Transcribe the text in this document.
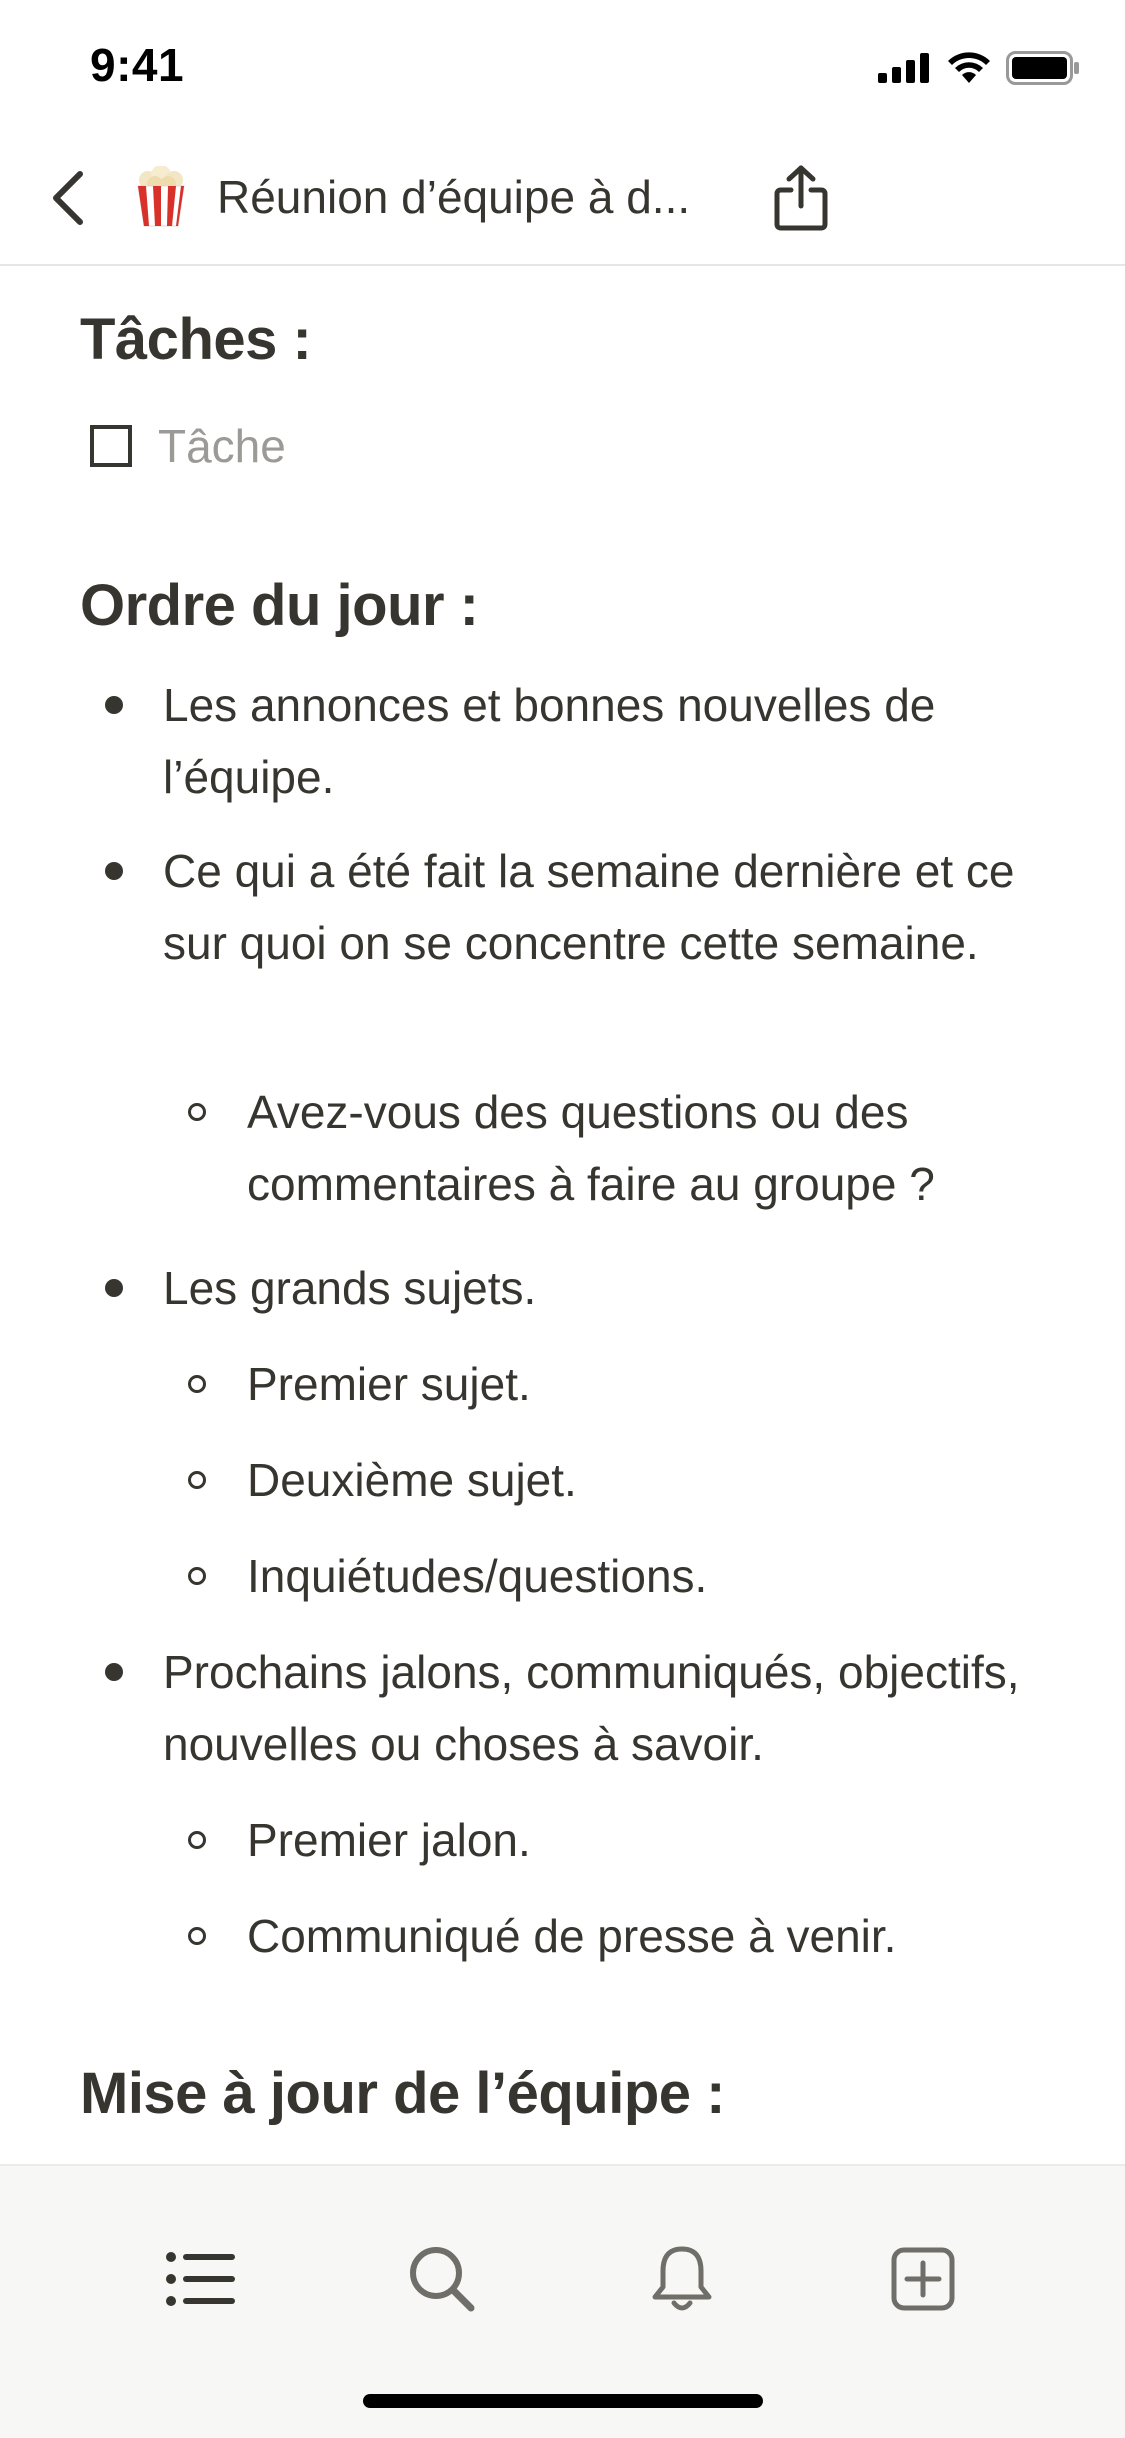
9:41
Réunion d’équipe à d...
Tâches :
Tâche
Ordre du jour :
Les annonces et bonnes nouvelles de l’équipe.
Ce qui a été fait la semaine dernière et ce sur quoi on se concentre cette semaine.
Avez-vous des questions ou des commentaires à faire au groupe ?
Les grands sujets.
Premier sujet.
Deuxième sujet.
Inquiétudes/questions.
Prochains jalons, communiqués, objectifs, nouvelles ou choses à savoir.
Premier jalon.
Communiqué de presse à venir.
Mise à jour de l’équipe :
